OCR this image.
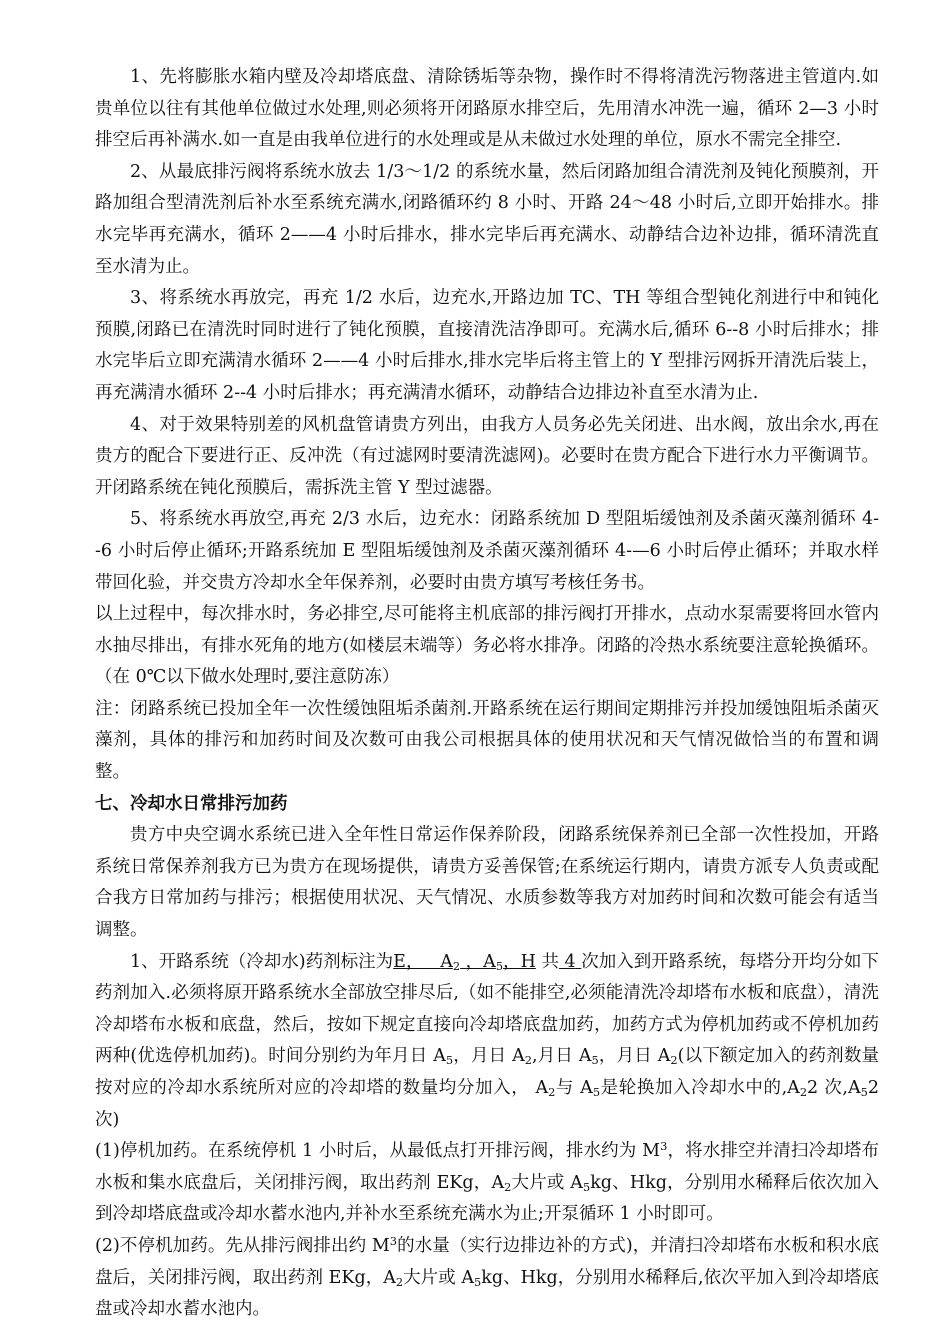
1、先将膨胀水箱内壁及冷却塔底盘、清除锈垢等杂物，操作时不得将清洗污物落进主管道内.如贵单位以往有其他单位做过水处理,则必须将开闭路原水排空后，先用清水冲洗一遍，循环 2—3 小时排空后再补满水.如一直是由我单位进行的水处理或是从未做过水处理的单位，原水不需完全排空.

2、从最底排污阀将系统水放去 1/3～1/2 的系统水量，然后闭路加组合清洗剂及钝化预膜剂，开路加组合型清洗剂后补水至系统充满水,闭路循环约 8 小时、开路 24～48 小时后,立即开始排水。排水完毕再充满水，循环 2——4 小时后排水，排水完毕后再充满水、动静结合边补边排，循环清洗直至水清为止。

3、将系统水再放完，再充 1/2 水后，边充水,开路边加 TC、TH 等组合型钝化剂进行中和钝化预膜,闭路已在清洗时同时进行了钝化预膜，直接清洗洁净即可。充满水后,循环 6--8 小时后排水；排水完毕后立即充满清水循环 2——4 小时后排水,排水完毕后将主管上的 Y 型排污网拆开清洗后装上，再充满清水循环 2--4 小时后排水；再充满清水循环，动静结合边排边补直至水清为止.

4、对于效果特别差的风机盘管请贵方列出，由我方人员务必先关闭进、出水阀，放出余水,再在贵方的配合下要进行正、反冲洗（有过滤网时要清洗滤网)。必要时在贵方配合下进行水力平衡调节。开闭路系统在钝化预膜后，需拆洗主管 Y 型过滤器。

5、将系统水再放空,再充 2/3 水后，边充水：闭路系统加 D 型阻垢缓蚀剂及杀菌灭藻剂循环 4--6 小时后停止循环;开路系统加 E 型阻垢缓蚀剂及杀菌灭藻剂循环 4-—6 小时后停止循环；并取水样带回化验，并交贵方冷却水全年保养剂，必要时由贵方填写考核任务书。

以上过程中，每次排水时，务必排空,尽可能将主机底部的排污阀打开排水，点动水泵需要将回水管内水抽尽排出，有排水死角的地方(如楼层末端等）务必将水排净。闭路的冷热水系统要注意轮换循环。（在 0℃以下做水处理时,要注意防冻）

注：闭路系统已投加全年一次性缓蚀阻垢杀菌剂.开路系统在运行期间定期排污并投加缓蚀阻垢杀菌灭藻剂，具体的排污和加药时间及次数可由我公司根据具体的使用状况和天气情况做恰当的布置和调整。

七、冷却水日常排污加药

贵方中央空调水系统已进入全年性日常运作保养阶段，闭路系统保养剂已全部一次性投加，开路系统日常保养剂我方已为贵方在现场提供，请贵方妥善保管;在系统运行期内，请贵方派专人负责或配合我方日常加药与排污；根据使用状况、天气情况、水质参数等我方对加药时间和次数可能会有适当调整。

1、开路系统（冷却水)药剂标注为E， $A_2$ ，$A_5$，H 共 4 次加入到开路系统，每塔分开均分如下药剂加入.必须将原开路系统水全部放空排尽后,（如不能排空,必须能清洗冷却塔布水板和底盘），清洗冷却塔布水板和底盘，然后，按如下规定直接向冷却塔底盘加药，加药方式为停机加药或不停机加药两种(优选停机加药)。时间分别约为年月日 $A_5$，月日 $A_2$,月日 $A_5$，月日 $A_2$(以下额定加入的药剂数量按对应的冷却水系统所对应的冷却塔的数量均分加入， $A_2$与 $A_5$是轮换加入冷却水中的$,A_22$ 次$,A_52$ 次)

(1)停机加药。在系统停机 1 小时后，从最低点打开排污阀，排水约为 $M^3$，将水排空并清扫冷却塔布水板和集水底盘后，关闭排污阀，取出药剂 EKg，$A_2$大片或 $A_5kg$、Hkg，分别用水稀释后依次加入到冷却塔底盘或冷却水蓄水池内,并补水至系统充满水为止;开泵循环 1 小时即可。

(2)不停机加药。先从排污阀排出约 $M^3$的水量（实行边排边补的方式)，并清扫冷却塔布水板和积水底盘后，关闭排污阀，取出药剂 EKg，$A_2$大片或 $A_5kg$、Hkg，分别用水稀释后,依次平加入到冷却塔底盘或冷却水蓄水池内。
